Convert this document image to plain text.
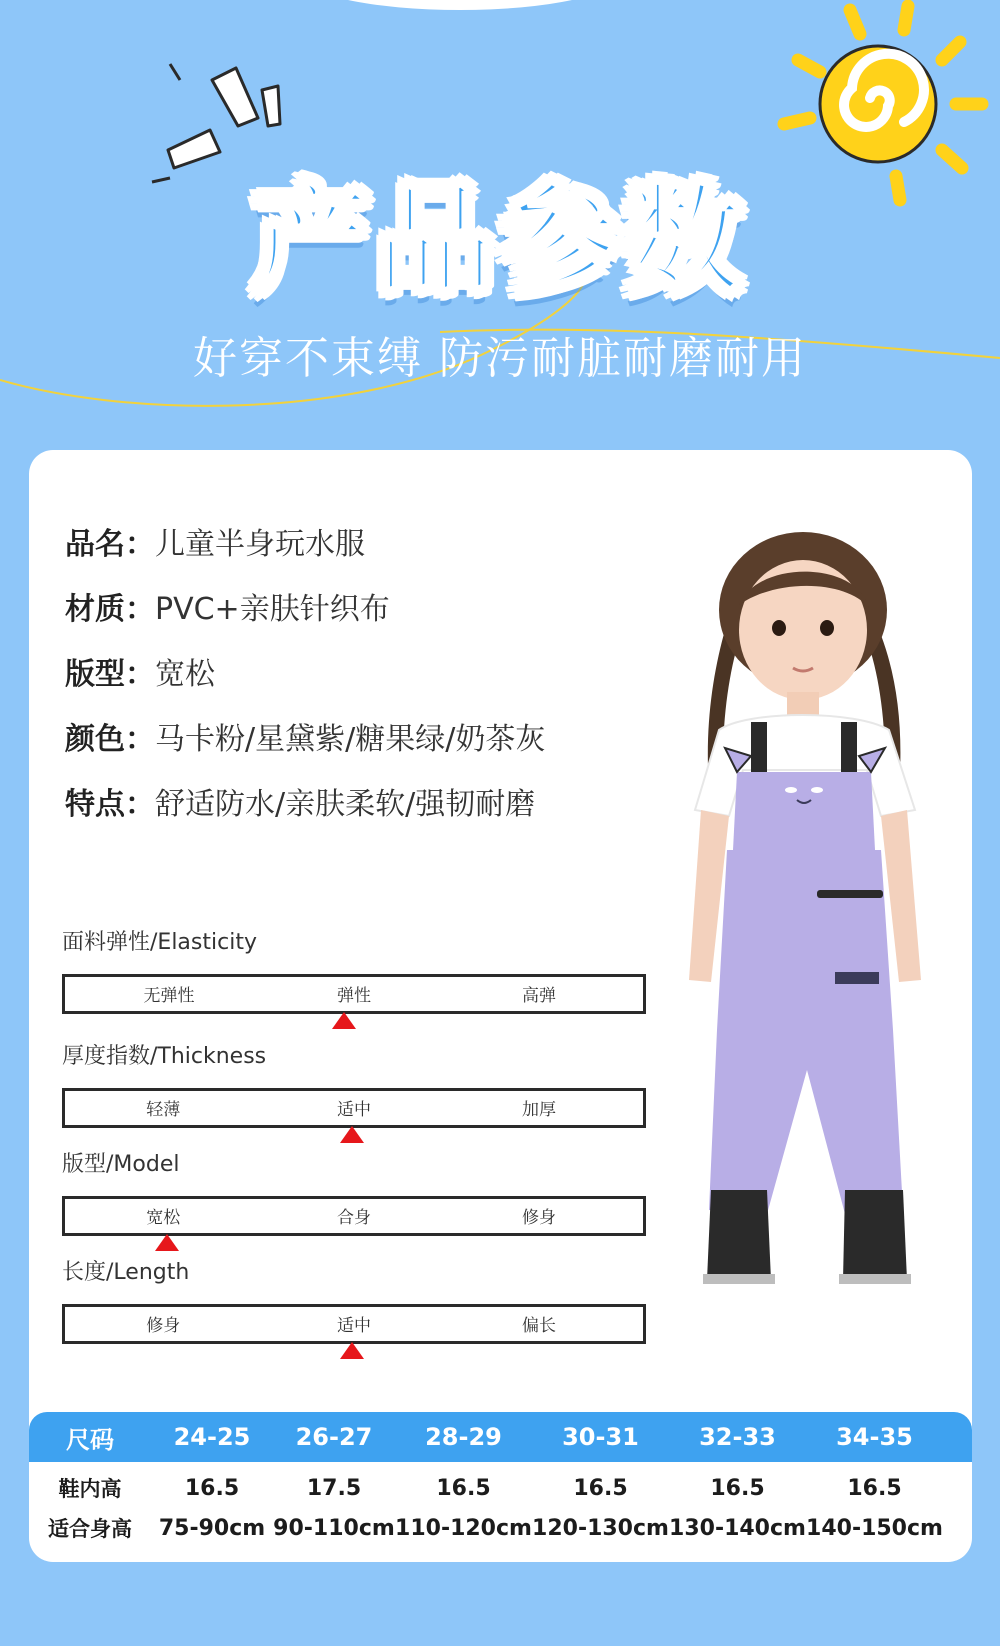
产品参数
好穿不束缚 防污耐脏耐磨耐用
品名： 儿童半身玩水服
材质： PVC+亲肤针织布
版型： 宽松
颜色： 马卡粉/星黛紫/糖果绿/奶茶灰
特点： 舒适防水/亲肤柔软/强韧耐磨
面料弹性/Elasticity
无弹性	弹性	高弹
厚度指数/Thickness
轻薄	适中	加厚
版型/Model
宽松	合身	修身
长度/Length
修身	适中	偏长
尺码	24-25	26-27	28-29	30-31	32-33	34-35
鞋内高	16.5	17.5	16.5	16.5	16.5	16.5
适合身高	75-90cm 90-110cm 110-120cm 120-130cm 130-140cm 140-150cm
